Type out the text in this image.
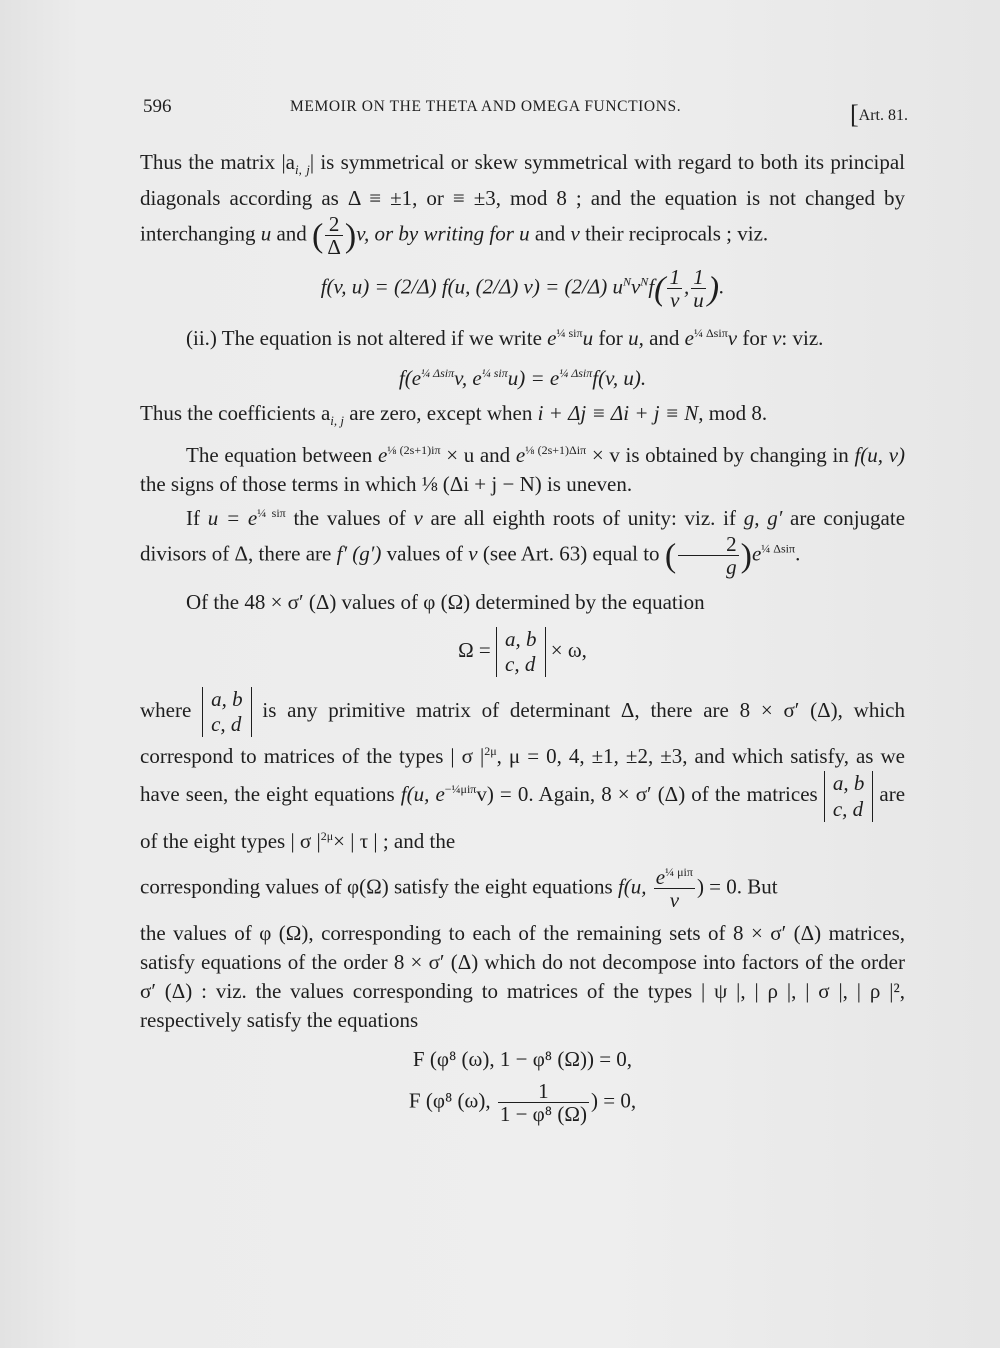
596	MEMOIR ON THE THETA AND OMEGA FUNCTIONS.	[Art. 81.

Thus the matrix $|a_{i, j}|$ is symmetrical or skew symmetrical with regard to both its principal diagonals according as Δ ≡ ±1, or ≡ ±3, mod 8 ; and the equation is not changed by interchanging u and ( $\frac{2}{\Delta} )v$, or by writing for u and v their reciprocals ; viz.

f(v, u) = (2/Δ) f(u, (2/Δ) v) = (2/Δ) $u^Nv^Nf( \frac{1}{v}$ , $\frac{1}{u}$ ).

(ii.) The equation is not altered if we write $e^{\frac{1}{4} si\pi}u$ for u, and $e^{\frac{1}{4} \Delta si\pi}v$ for v: viz.

$f(e^{\frac{1}{4} \Delta si\pi}v$, $e^{\frac{1}{4} si\pi}u) = e^{\frac{1}{4} \Delta si\pi}f(v$, u).

Thus the coefficients $a_{i, j}$ are zero, except when i + Δj ≡ Δi + j ≡ N, mod 8.

The equation between $e^{\frac{1}{8} (2s+1)i\pi} \times u$ and $e^{\frac{1}{8} (2s+1)\Delta i\pi} \times v$ is obtained by changing in f(u, v) the signs of those terms in which ⅛ (Δi + j − N) is uneven.

If $u = e^{\frac{1}{4} si\pi}$ the values of v are all eighth roots of unity: viz. if g, g′ are conjugate divisors of Δ, there are f′ (g′) values of v (see Art. 63) equal to ( $\frac{2}{g} )e^{\frac{1}{4} \Delta si\pi}$.

Of the 48 × σ′ (Δ) values of φ (Ω) determined by the equation

Ω = a, b
c, d
× ω,

where a, b
c, d
is any primitive matrix of determinant Δ, there are 8 × σ′ (Δ), which correspond to matrices of the types | σ $|^{2\mu}$, μ = 0, 4, ±1, ±2, ±3, and which satisfy, as we have seen, the eight equations f(u, $e^{-\frac{1}{4}\mu i\pi}v) = 0$. Again, 8 × σ′ (Δ) of the matrices a, b
c, d
are of the eight types | σ $|^{2\mu}\times$ | τ | ; and the

corresponding values of φ(Ω) satisfy the eight equations f(u, $\frac{e^{\frac{1}{4} \mu i\pi}}{v}$ ) = 0. But

the values of φ (Ω), corresponding to each of the remaining sets of 8 × σ′ (Δ) matrices, satisfy equations of the order 8 × σ′ (Δ) which do not decompose into factors of the order σ′ (Δ) : viz. the values corresponding to matrices of the types | ψ |, | ρ |, | σ |, | ρ |², respectively satisfy the equations

F (φ⁸ (ω), 1 − φ⁸ (Ω)) = 0,

F (φ⁸ (ω), $\frac{1}{\text{1 − φ⁸ (Ω)}}$ ) = 0,
